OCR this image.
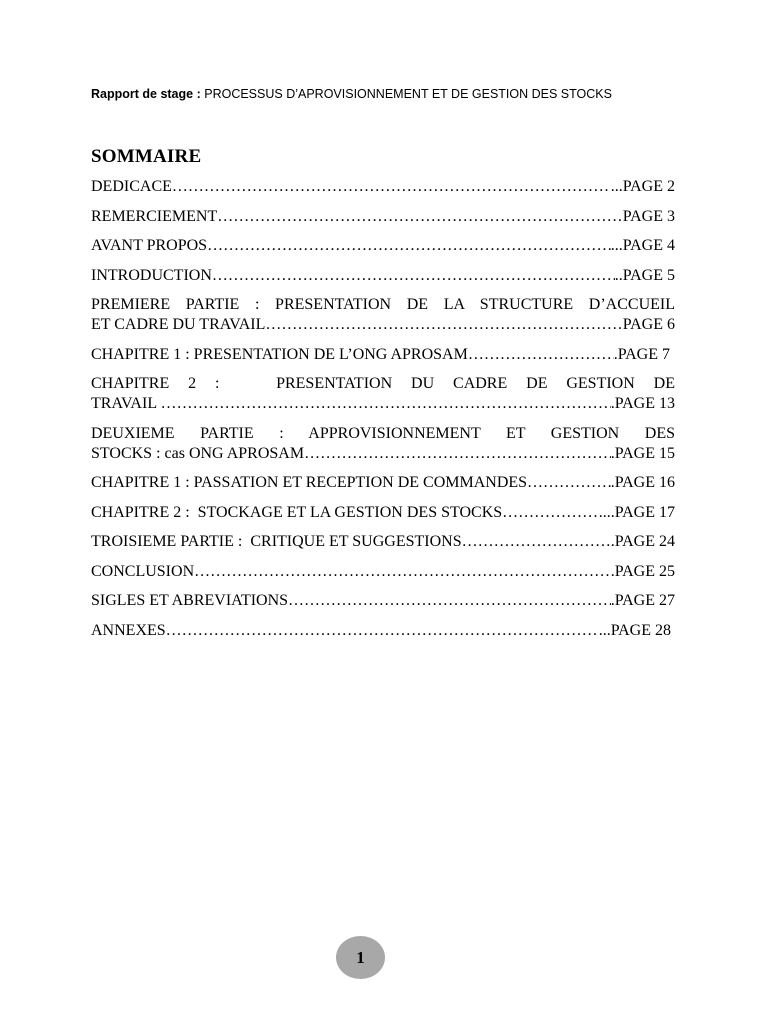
Rapport de stage : PROCESSUS D’APROVISIONNEMENT ET DE GESTION DES STOCKS
SOMMAIRE
DEDICACE …………………………………………………………………………………………………………………………………………………………………………	...PAGE 2
REMERCIEMENT …………………………………………………………………………………………………………………………………………………………………………	PAGE 3
AVANT PROPOS …………………………………………………………………………………………………………………………………………………………………………	...PAGE 4
INTRODUCTION …………………………………………………………………………………………………………………………………………………………………………	..PAGE 5
PREMIERE PARTIE : PRESENTATION DE LA STRUCTURE D’ACCUEIL
ET CADRE DU TRAVAIL …………………………………………………………………………………………………………………………………………………………………………	PAGE 6
CHAPITRE 1 : PRESENTATION DE L’ONG APROSAM …………………………………………………………………………………………………………………………………………………………………………	.PAGE 7
CHAPITRE 2 :   PRESENTATION DU CADRE DE GESTION DE
TRAVAIL …………………………………………………………………………………………………………………………………………………………………………	.PAGE 13
DEUXIEME PARTIE : APPROVISIONNEMENT ET GESTION DES
STOCKS : cas ONG APROSAM …………………………………………………………………………………………………………………………………………………………………………	.PAGE 15
CHAPITRE 1 : PASSATION ET RECEPTION DE COMMANDES …………………………………………………………………………………………………………………………………………………………………………	.PAGE 16
CHAPITRE 2 :  STOCKAGE ET LA GESTION DES STOCKS …………………………………………………………………………………………………………………………………………………………………………	...PAGE 17
TROISIEME PARTIE :  CRITIQUE ET SUGGESTIONS …………………………………………………………………………………………………………………………………………………………………………	.PAGE 24
CONCLUSION …………………………………………………………………………………………………………………………………………………………………………	PAGE 25
SIGLES ET ABREVIATIONS …………………………………………………………………………………………………………………………………………………………………………	.PAGE 27
ANNEXES …………………………………………………………………………………………………………………………………………………………………………	...PAGE 28
1
